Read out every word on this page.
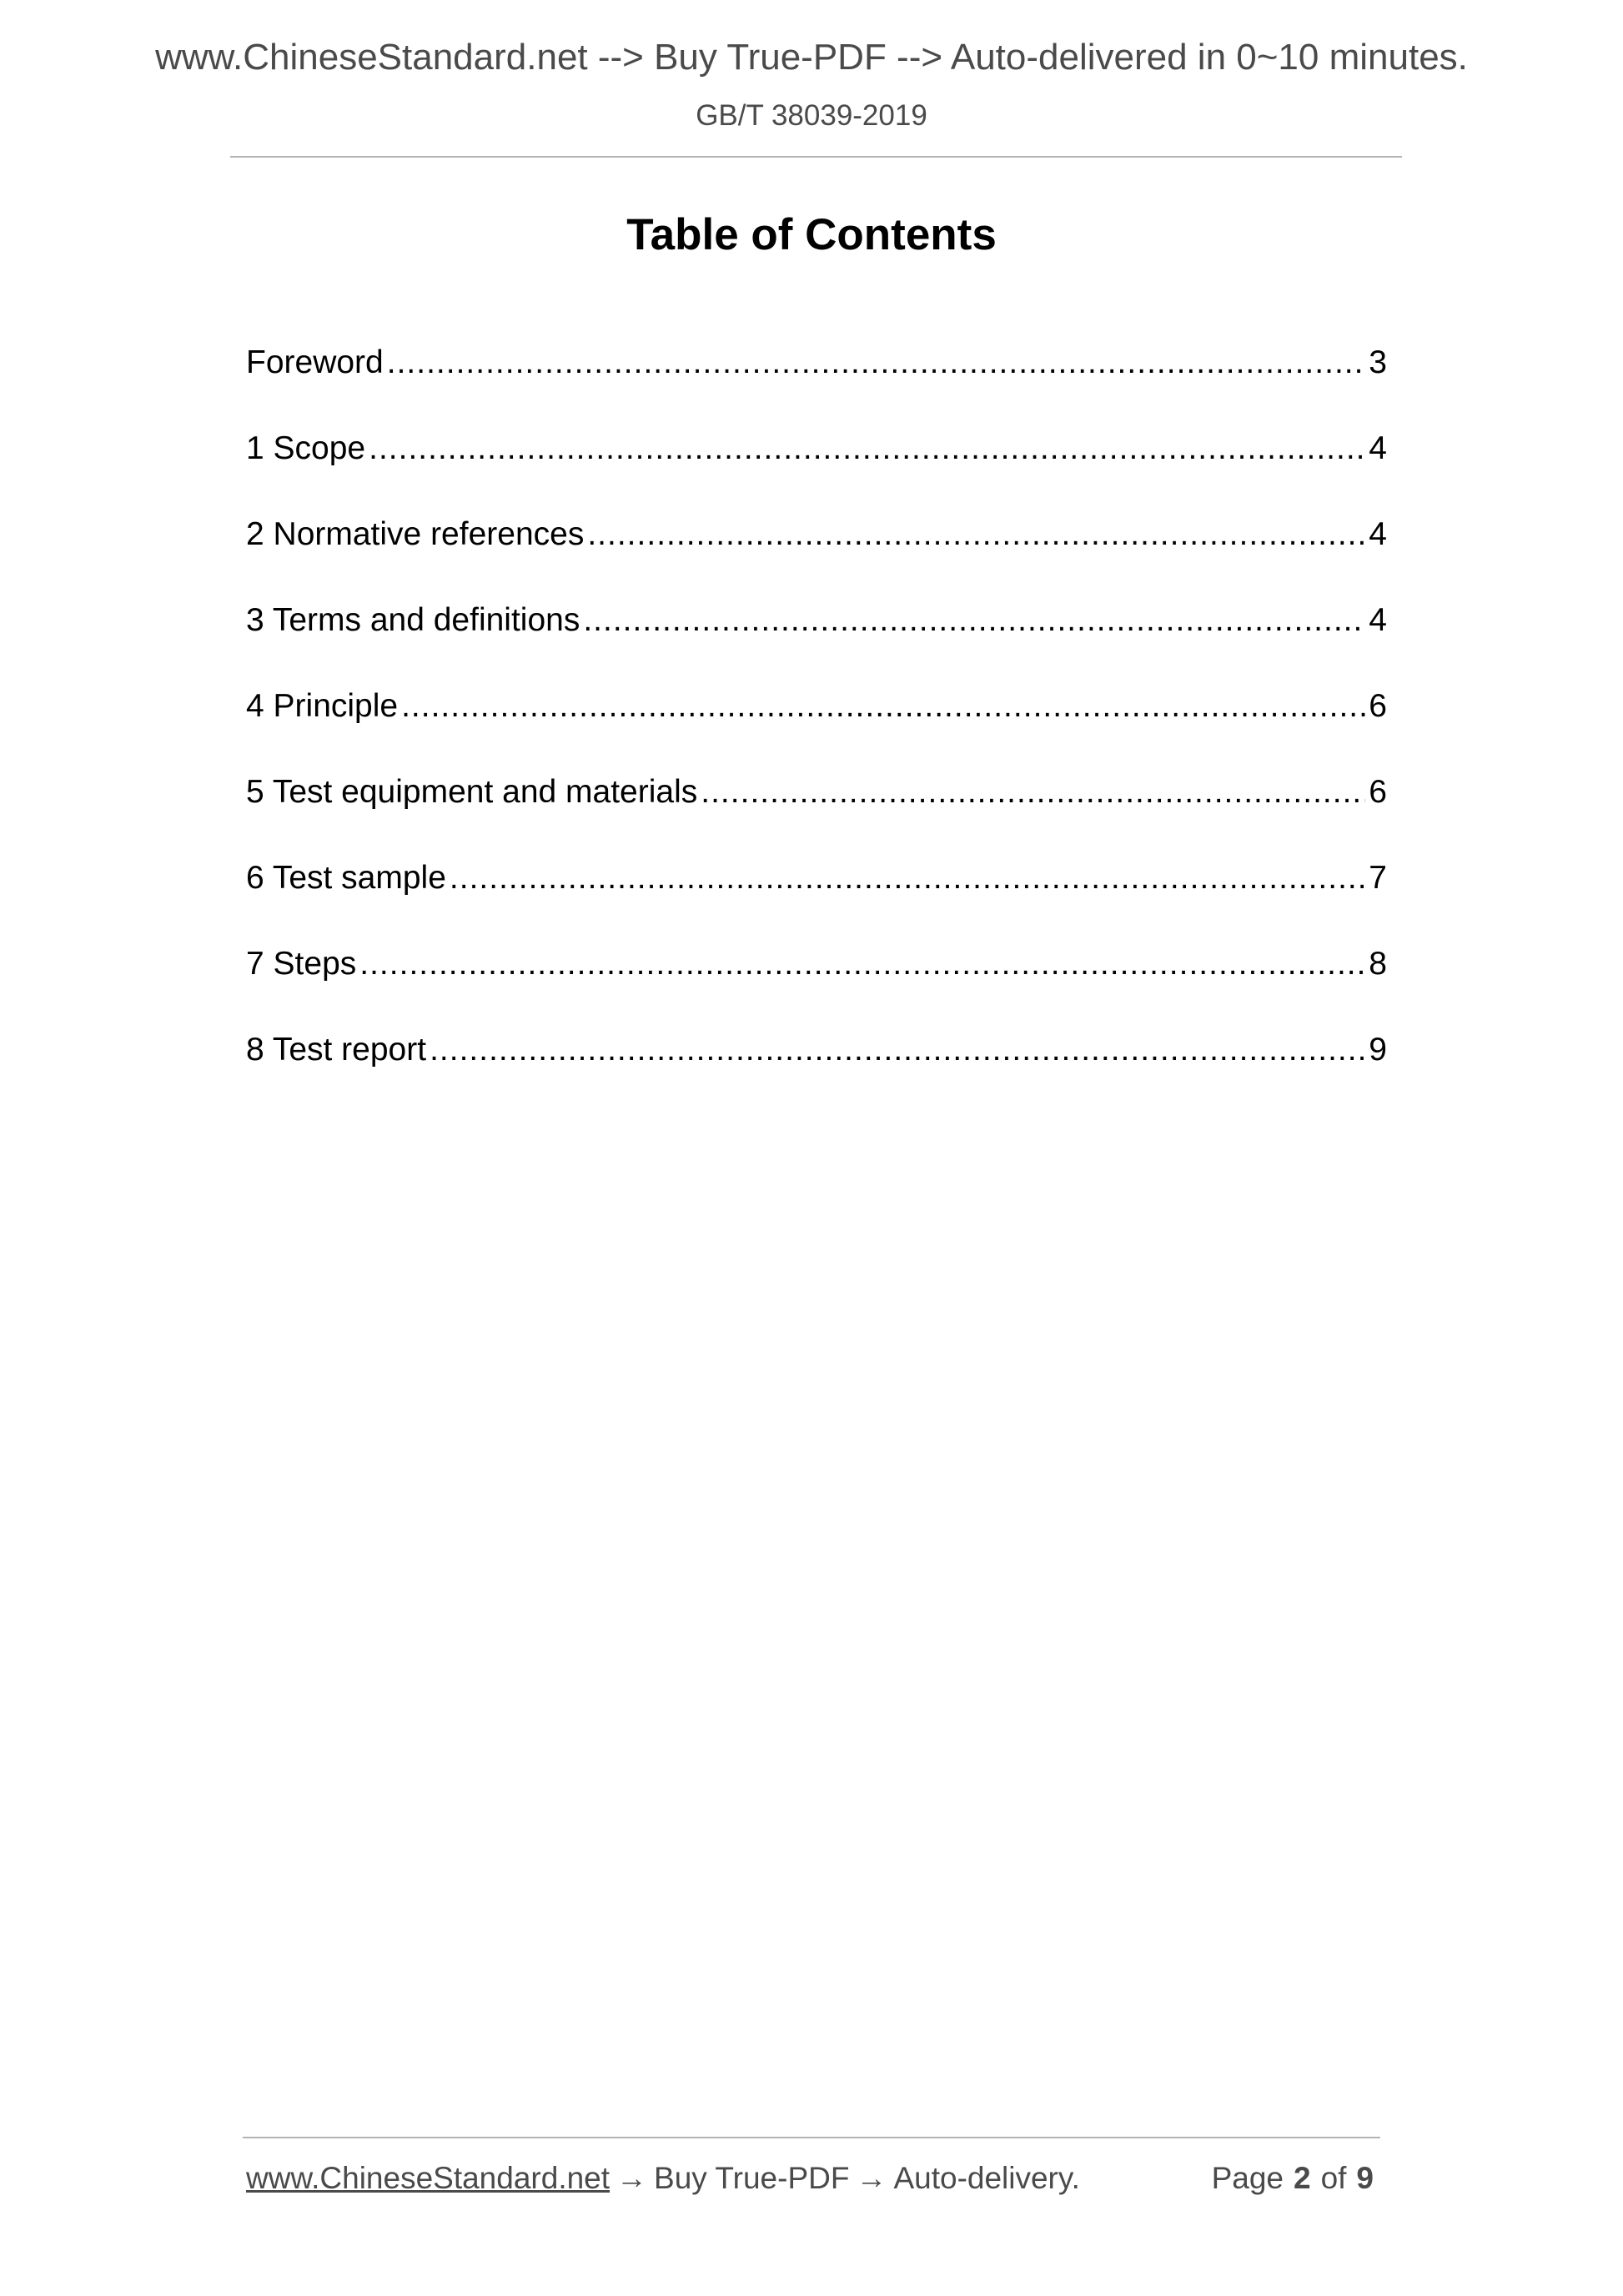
www.ChineseStandard.net --> Buy True-PDF --> Auto-delivered in 0~10 minutes.
GB/T 38039-2019
Table of Contents
Foreword .....	3
1 Scope .....	4
2 Normative references .....	4
3 Terms and definitions .....	4
4 Principle .....	6
5 Test equipment and materials .....	6
6 Test sample .....	7
7 Steps .....	8
8 Test report .....	9
www.ChineseStandard.net → Buy True-PDF → Auto-delivery.	Page 2 of 9
